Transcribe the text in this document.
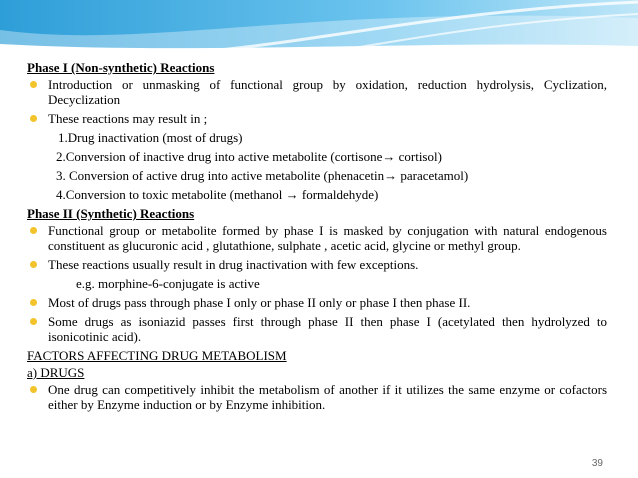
Phase I (Non-synthetic) Reactions
Introduction or unmasking of functional group by oxidation, reduction hydrolysis, Cyclization, Decyclization
These reactions may result in ;
1.Drug inactivation (most of drugs)
2.Conversion of inactive drug into active metabolite (cortisone→ cortisol)
3. Conversion of active drug into active metabolite (phenacetin→ paracetamol)
4.Conversion to toxic metabolite (methanol → formaldehyde)
Phase II (Synthetic) Reactions
Functional group or metabolite formed by phase I is masked by conjugation with natural endogenous constituent as glucuronic acid , glutathione, sulphate , acetic acid, glycine or methyl group.
These reactions usually result in drug inactivation with few exceptions.
e.g. morphine-6-conjugate is active
Most of drugs pass through phase I only or phase II only or phase I then phase II.
Some drugs as isoniazid passes first through phase II then phase I (acetylated then hydrolyzed to isonicotinic acid).
FACTORS AFFECTING DRUG METABOLISM
a) DRUGS
One drug can competitively inhibit the metabolism of another if it utilizes the same enzyme or cofactors either by Enzyme induction or by Enzyme inhibition.
39
